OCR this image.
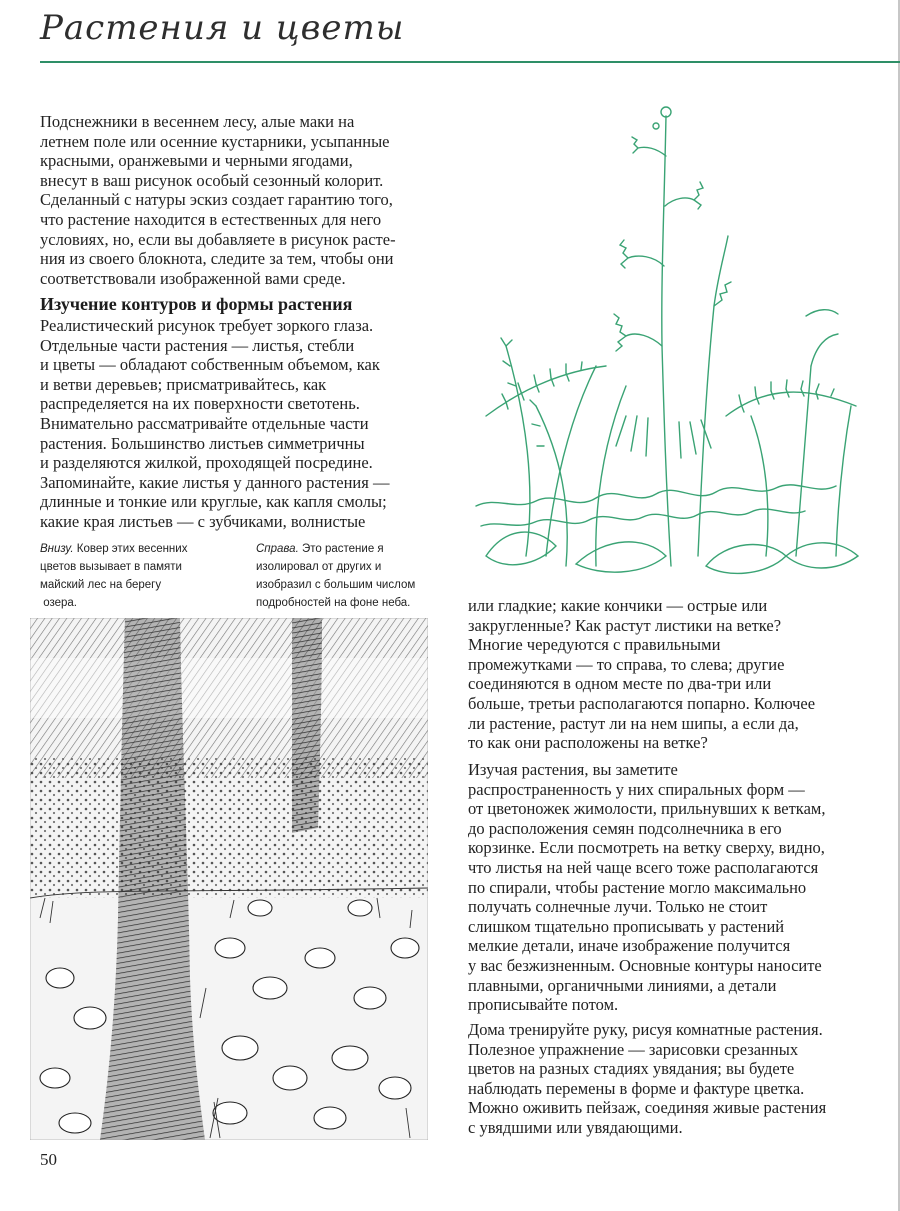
Растения и цветы
Подснежники в весеннем лесу, алые маки на
летнем поле или осенние кустарники, усыпанные
красными, оранжевыми и черными ягодами,
внесут в ваш рисунок особый сезонный колорит.
Сделанный с натуры эскиз создает гарантию того,
что растение находится в естественных для него
условиях, но, если вы добавляете в рисунок расте-
ния из своего блокнота, следите за тем, чтобы они
соответствовали изображенной вами среде.
Изучение контуров и формы растения
Реалистический рисунок требует зоркого глаза.
Отдельные части растения — листья, стебли
и цветы — обладают собственным объемом, как
и ветви деревьев; присматривайтесь, как
распределяется на их поверхности светотень.
Внимательно рассматривайте отдельные части
растения. Большинство листьев симметричны
и разделяются жилкой, проходящей посредине.
Запоминайте, какие листья у данного растения —
длинные и тонкие или круглые, как капля смолы;
какие края листьев — с зубчиками, волнистые
Внизу. Ковер этих весенних
цветов вызывает в памяти
майский лес на берегу
озера.
Справа. Это растение я
изолировал от других и
изобразил с большим числом
подробностей на фоне неба.	или гладкие; какие кончики — острые или
закругленные? Как растут листики на ветке?
Многие чередуются с правильными
промежутками — то справа, то слева; другие
соединяются в одном месте по два-три или
больше, третьи располагаются попарно. Колючее
ли растение, растут ли на нем шипы, а если да,
то как они расположены на ветке?
Изучая растения, вы заметите
распространенность у них спиральных форм —
от цветоножек жимолости, прильнувших к веткам,
до расположения семян подсолнечника в его
корзинке. Если посмотреть на ветку сверху, видно,
что листья на ней чаще всего тоже располагаются
по спирали, чтобы растение могло максимально
получать солнечные лучи. Только не стоит
слишком тщательно прописывать у растений
мелкие детали, иначе изображение получится
у вас безжизненным. Основные контуры наносите
плавными, органичными линиями, а детали
прописывайте потом.
Дома тренируйте руку, рисуя комнатные растения.
Полезное упражнение — зарисовки срезанных
цветов на разных стадиях увядания; вы будете
наблюдать перемены в форме и фактуре цветка.
Можно оживить пейзаж, соединяя живые растения
с увядшими или увядающими.
50
